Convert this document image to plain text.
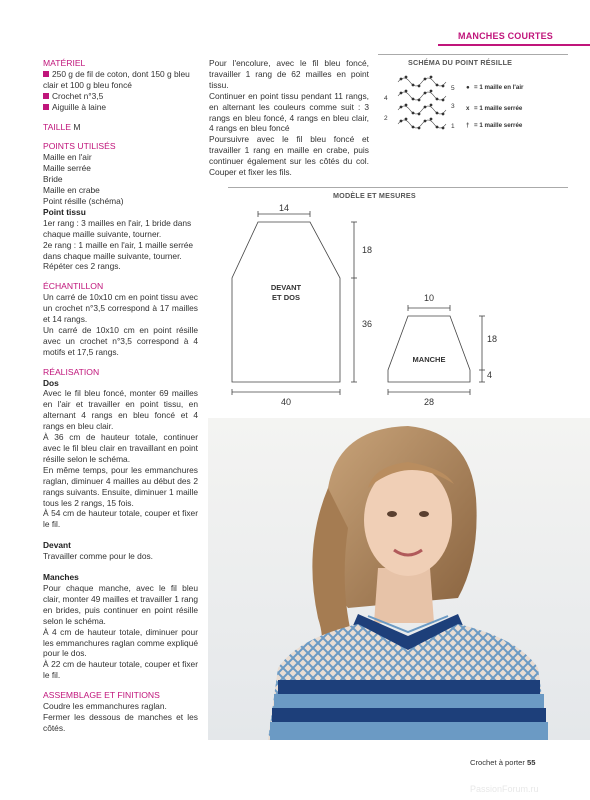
MANCHES COURTES

MATÉRIEL

250 g de fil de coton, dont 150 g bleu clair et 100 g bleu foncé

Crochet n°3,5

Aiguille à laine

TAILLE M

POINTS UTILISÉS

Maille en l'air

Maille serrée

Bride

Maille en crabe

Point résille (schéma)

Point tissu

1er rang : 3 mailles en l'air, 1 bride dans chaque maille suivante, tourner.

2e rang : 1 maille en l'air, 1 maille serrée dans chaque maille suivante, tourner.

Répéter ces 2 rangs.

ÉCHANTILLON

Un carré de 10x10 cm en point tissu avec un crochet n°3,5 correspond à 17 mailles et 14 rangs.

Un carré de 10x10 cm en point résille avec un crochet n°3,5 correspond à 4 motifs et 17,5 rangs.

RÉALISATION

Dos

Avec le fil bleu foncé, monter 69 mailles en l'air et travailler en point tissu, en alternant 4 rangs en bleu foncé et 4 rangs en bleu clair.

À 36 cm de hauteur totale, continuer avec le fil bleu clair en travaillant en point résille selon le schéma.

En même temps, pour les emmanchures raglan, diminuer 4 mailles au début des 2 rangs suivants. Ensuite, diminuer 1 maille tous les 2 rangs, 15 fois.

À 54 cm de hauteur totale, couper et fixer le fil.

Devant

Travailler comme pour le dos.

Manches

Pour chaque manche, avec le fil bleu clair, monter 49 mailles et travailler 1 rang en brides, puis continuer en point résille selon le schéma.

À 4 cm de hauteur totale, diminuer pour les emmanchures raglan comme expliqué pour le dos.

À 22 cm de hauteur totale, couper et fixer le fil.

ASSEMBLAGE ET FINITIONS

Coudre les emmanchures raglan.

Fermer les dessous de manches et les côtés.

Pour l'encolure, avec le fil bleu foncé, travailler 1 rang de 62 mailles en point tissu.

Continuer en point tissu pendant 11 rangs, en alternant les couleurs comme suit : 3 rangs en bleu foncé, 4 rangs en bleu clair, 4 rangs en bleu foncé

Poursuivre avec le fil bleu foncé et travailler 1 rang en maille en crabe, puis continuer également sur les côtés du col. Couper et fixer les fils.

SCHÉMA DU POINT RÉSILLE
5
4
3
2
1
● = 1 maille en l'air
x = 1 maille serrée
† = 1 maille serrée
MODÈLE ET MESURES
DEVANT
ET DOS
14
18
36
40
MANCHE
10
18
4
28
Crochet à porter 55
PassionForum.ru
